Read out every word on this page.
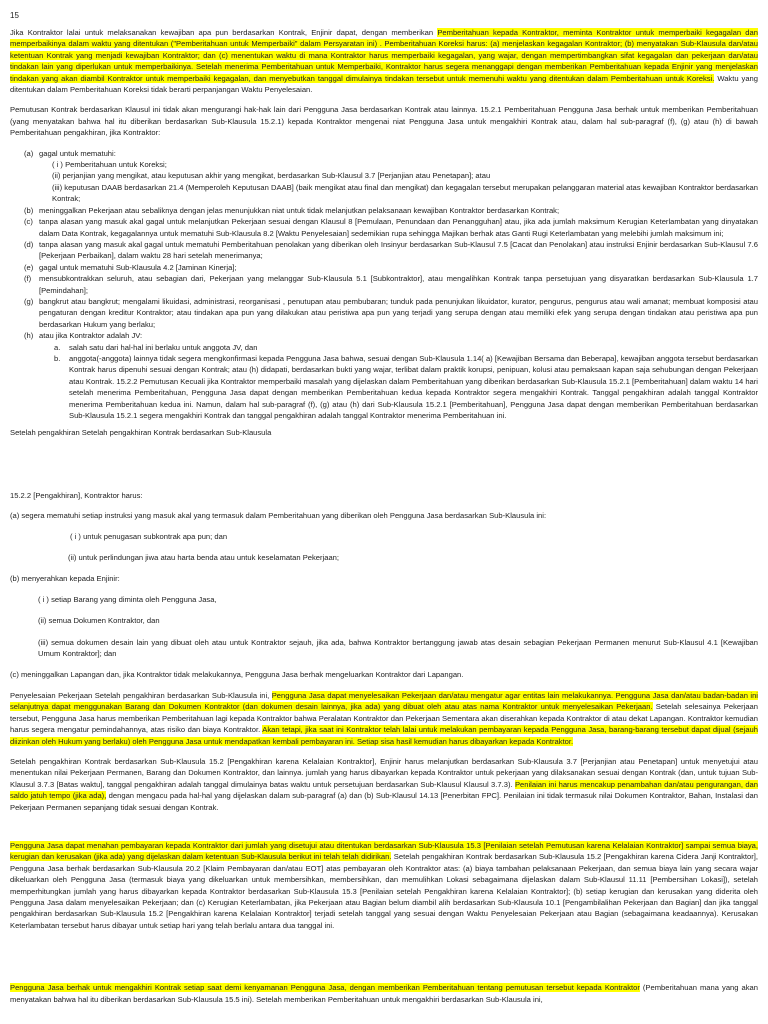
15

Jika Kontraktor lalai untuk melaksanakan kewajiban apa pun berdasarkan Kontrak, Enjinir dapat, dengan memberikan Pemberitahuan kepada Kontraktor, meminta Kontraktor untuk memperbaiki kegagalan dan memperbaikinya dalam waktu yang ditentukan ("Pemberitahuan untuk Memperbaiki" dalam Persyaratan ini) . Pemberitahuan Koreksi harus: (a) menjelaskan kegagalan Kontraktor; (b) menyatakan Sub-Klausula dan/atau ketentuan Kontrak yang menjadi kewajiban Kontraktor; dan (c) menentukan waktu di mana Kontraktor harus memperbaiki kegagalan, yang wajar, dengan mempertimbangkan sifat kegagalan dan pekerjaan dan/atau tindakan lain yang diperlukan untuk memperbaikinya. Setelah menerima Pemberitahuan untuk Memperbaiki, Kontraktor harus segera menanggapi dengan memberikan Pemberitahuan kepada Enjinir yang menjelaskan tindakan yang akan diambil Kontraktor untuk memperbaiki kegagalan, dan menyebutkan tanggal dimulainya tindakan tersebut untuk memenuhi waktu yang ditentukan dalam Pemberitahuan untuk Koreksi. Waktu yang ditentukan dalam Pemberitahuan Koreksi tidak berarti perpanjangan Waktu Penyelesaian.

Pemutusan Kontrak berdasarkan Klausul ini tidak akan mengurangi hak-hak lain dari Pengguna Jasa berdasarkan Kontrak atau lainnya. 15.2.1 Pemberitahuan Pengguna Jasa berhak untuk memberikan Pemberitahuan (yang menyatakan bahwa hal itu diberikan berdasarkan Sub-Klausula 15.2.1) kepada Kontraktor mengenai niat Pengguna Jasa untuk mengakhiri Kontrak atau, dalam hal sub-paragraf (f), (g) atau (h) di bawah Pemberitahuan pengakhiran, jika Kontraktor:

(a) gagal untuk mematuhi:
( i ) Pemberitahuan untuk Koreksi;
(ii) perjanjian yang mengikat, atau keputusan akhir yang mengikat, berdasarkan Sub-Klausul 3.7 [Perjanjian atau Penetapan]; atau
(iii) keputusan DAAB berdasarkan 21.4 (Memperoleh Keputusan DAAB] (baik mengikat atau final dan mengikat) dan kegagalan tersebut merupakan pelanggaran material atas kewajiban Kontraktor berdasarkan Kontrak;
(b) meninggalkan Pekerjaan atau sebaliknya dengan jelas menunjukkan niat untuk tidak melanjutkan pelaksanaan kewajiban Kontraktor berdasarkan Kontrak;
(c) tanpa alasan yang masuk akal gagal untuk melanjutkan Pekerjaan sesuai dengan Klausul 8 [Pemulaan, Penundaan dan Penangguhan] atau, jika ada jumlah maksimum Kerugian Keterlambatan yang dinyatakan dalam Data Kontrak, kegagalannya untuk mematuhi Sub-Klausula 8.2 [Waktu Penyelesaian] sedemikian rupa sehingga Majikan berhak atas Ganti Rugi Keterlambatan yang melebihi jumlah maksimum ini;
(d) tanpa alasan yang masuk akal gagal untuk mematuhi Pemberitahuan penolakan yang diberikan oleh Insinyur berdasarkan Sub-Klausul 7.5 [Cacat dan Penolakan] atau instruksi Enjinir berdasarkan Sub-Klausul 7.6 [Pekerjaan Perbaikan], dalam waktu 28 hari setelah menerimanya;
(e) gagal untuk mematuhi Sub-Klausula 4.2 [Jaminan Kinerja];
(f)	mensubkontrakkan seluruh, atau sebagian dari, Pekerjaan yang melanggar Sub-Klausula 5.1 [Subkontraktor], atau mengalihkan Kontrak tanpa persetujuan yang disyaratkan berdasarkan Sub-Klausula 1.7 [Pemindahan];
(g) bangkrut atau bangkrut; mengalami likuidasi, administrasi, reorganisasi , penutupan atau pembubaran; tunduk pada penunjukan likuidator, kurator, pengurus, pengurus atau wali amanat; membuat komposisi atau pengaturan dengan kreditur Kontraktor; atau tindakan apa pun yang dilakukan atau peristiwa apa pun yang terjadi yang serupa dengan atau memiliki efek yang serupa dengan tindakan atau peristiwa apa pun berdasarkan Hukum yang berlaku;
(h) atau jika Kontraktor adalah JV:
a.	salah satu dari hal-hal ini berlaku untuk anggota JV, dan
b.	anggota(-anggota) lainnya tidak segera mengkonfirmasi kepada Pengguna Jasa bahwa, sesuai dengan Sub-Klausula 1.14( a) [Kewajiban Bersama dan Beberapa], kewajiban anggota tersebut berdasarkan Kontrak harus dipenuhi sesuai dengan Kontrak; atau (h) didapati, berdasarkan bukti yang wajar, terlibat dalam praktik korupsi, penipuan, kolusi atau pemaksaan kapan saja sehubungan dengan Pekerjaan atau Kontrak. 15.2.2 Pemutusan Kecuali jika Kontraktor memperbaiki masalah yang dijelaskan dalam Pemberitahuan yang diberikan berdasarkan Sub-Klausula 15.2.1 [Pemberitahuan] dalam waktu 14 hari setelah menerima Pemberitahuan, Pengguna Jasa dapat dengan memberikan Pemberitahuan kedua kepada Kontraktor segera mengakhiri Kontrak. Tanggal pengakhiran adalah tanggal Kontraktor menerima Pemberitahuan kedua ini. Namun, dalam hal sub-paragraf (f), (g) atau (h) dari Sub-Klausula 15.2.1 [Pemberitahuan], Pengguna Jasa dapat dengan memberikan Pemberitahuan berdasarkan Sub-Klausula 15.2.1 segera mengakhiri Kontrak dan tanggal pengakhiran adalah tanggal Kontraktor menerima Pemberitahuan ini.

Setelah pengakhiran Setelah pengakhiran Kontrak berdasarkan Sub-Klausula

15.2.2 [Pengakhiran], Kontraktor harus:

(a) segera mematuhi setiap instruksi yang masuk akal yang termasuk dalam Pemberitahuan yang diberikan oleh Pengguna Jasa berdasarkan Sub-Klausula ini:

( i ) untuk penugasan subkontrak apa pun; dan
(ii) untuk perlindungan jiwa atau harta benda atau untuk keselamatan Pekerjaan;

(b) menyerahkan kepada Enjinir:

( i ) setiap Barang yang diminta oleh Pengguna Jasa,
(ii) semua Dokumen Kontraktor, dan
(iii) semua dokumen desain lain yang dibuat oleh atau untuk Kontraktor sejauh, jika ada, bahwa Kontraktor bertanggung jawab atas desain sebagian Pekerjaan Permanen menurut Sub-Klausul 4.1 [Kewajiban Umum Kontraktor]; dan

(c) meninggalkan Lapangan dan, jika Kontraktor tidak melakukannya, Pengguna Jasa berhak mengeluarkan Kontraktor dari Lapangan.

Penyelesaian Pekerjaan Setelah pengakhiran berdasarkan Sub-Klausula ini, Pengguna Jasa dapat menyelesaikan Pekerjaan dan/atau mengatur agar entitas lain melakukannya. Pengguna Jasa dan/atau badan-badan ini selanjutnya dapat menggunakan Barang dan Dokumen Kontraktor (dan dokumen desain lainnya, jika ada) yang dibuat oleh atau atas nama Kontraktor untuk menyelesaikan Pekerjaan. Setelah selesainya Pekerjaan tersebut, Pengguna Jasa harus memberikan Pemberitahuan lagi kepada Kontraktor bahwa Peralatan Kontraktor dan Pekerjaan Sementara akan diserahkan kepada Kontraktor di atau dekat Lapangan. Kontraktor kemudian harus segera mengatur pemindahannya, atas risiko dan biaya Kontraktor. Akan tetapi, jika saat ini Kontraktor telah lalai untuk melakukan pembayaran kepada Pengguna Jasa, barang-barang tersebut dapat dijual (sejauh diizinkan oleh Hukum yang berlaku) oleh Pengguna Jasa untuk mendapatkan kembali pembayaran ini. Setiap sisa hasil kemudian harus dibayarkan kepada Kontraktor.

Setelah pengakhiran Kontrak berdasarkan Sub-Klausula 15.2 [Pengakhiran karena Kelalaian Kontraktor], Enjinir harus melanjutkan berdasarkan Sub-Klausula 3.7 [Perjanjian atau Penetapan] untuk menyetujui atau menentukan nilai Pekerjaan Permanen, Barang dan Dokumen Kontraktor, dan lainnya. jumlah yang harus dibayarkan kepada Kontraktor untuk pekerjaan yang dilaksanakan sesuai dengan Kontrak (dan, untuk tujuan Sub-Klausul 3.7.3 [Batas waktu], tanggal pengakhiran adalah tanggal dimulainya batas waktu untuk persetujuan berdasarkan Sub-Klausul Klausul 3.7.3). Penilaian ini harus mencakup penambahan dan/atau pengurangan, dan saldo jatuh tempo (jika ada), dengan mengacu pada hal-hal yang dijelaskan dalam sub-paragraf (a) dan (b) Sub-Klausul 14.13 [Penerbitan FPC]. Penilaian ini tidak termasuk nilai Dokumen Kontraktor, Bahan, Instalasi dan Pekerjaan Permanen sepanjang tidak sesuai dengan Kontrak.

Pengguna Jasa dapat menahan pembayaran kepada Kontraktor dari jumlah yang disetujui atau ditentukan berdasarkan Sub-Klausula 15.3 [Penilaian setelah Pemutusan karena Kelalaian Kontraktor] sampai semua biaya, kerugian dan kerusakan (jika ada) yang dijelaskan dalam ketentuan Sub-Klausula berikut ini telah telah didirikan. Setelah pengakhiran Kontrak berdasarkan Sub-Klausula 15.2 [Pengakhiran karena Cidera Janji Kontraktor], Pengguna Jasa berhak berdasarkan Sub-Klausula 20.2 [Klaim Pembayaran dan/atau EOT] atas pembayaran oleh Kontraktor atas: (a) biaya tambahan pelaksanaan Pekerjaan, dan semua biaya lain yang secara wajar dikeluarkan oleh Pengguna Jasa (termasuk biaya yang dikeluarkan untuk membersihkan, membersihkan, dan memulihkan Lokasi sebagaimana dijelaskan dalam Sub-Klausul 11.11 [Pembersihan Lokasi]), setelah memperhitungkan jumlah yang harus dibayarkan kepada Kontraktor berdasarkan Sub-Klausula 15.3 [Penilaian setelah Pengakhiran karena Kelalaian Kontraktor]; (b) setiap kerugian dan kerusakan yang diderita oleh Pengguna Jasa dalam menyelesaikan Pekerjaan; dan (c) Kerugian Keterlambatan, jika Pekerjaan atau Bagian belum diambil alih berdasarkan Sub-Klausula 10.1 [Pengambilalihan Pekerjaan dan Bagian] dan jika tanggal pengakhiran berdasarkan Sub-Klausula 15.2 [Pengakhiran karena Kelalaian Kontraktor] terjadi setelah tanggal yang sesuai dengan Waktu Penyelesaian Pekerjaan atau Bagian (sebagaimana keadaannya). Kerusakan Keterlambatan tersebut harus dibayar untuk setiap hari yang telah berlalu antara dua tanggal ini.

Pengguna Jasa berhak untuk mengakhiri Kontrak setiap saat demi kenyamanan Pengguna Jasa, dengan memberikan Pemberitahuan tentang pemutusan tersebut kepada Kontraktor (Pemberitahuan mana yang akan menyatakan bahwa hal itu diberikan berdasarkan Sub-Klausula 15.5 ini). Setelah memberikan Pemberitahuan untuk mengakhiri berdasarkan Sub-Klausula ini,
